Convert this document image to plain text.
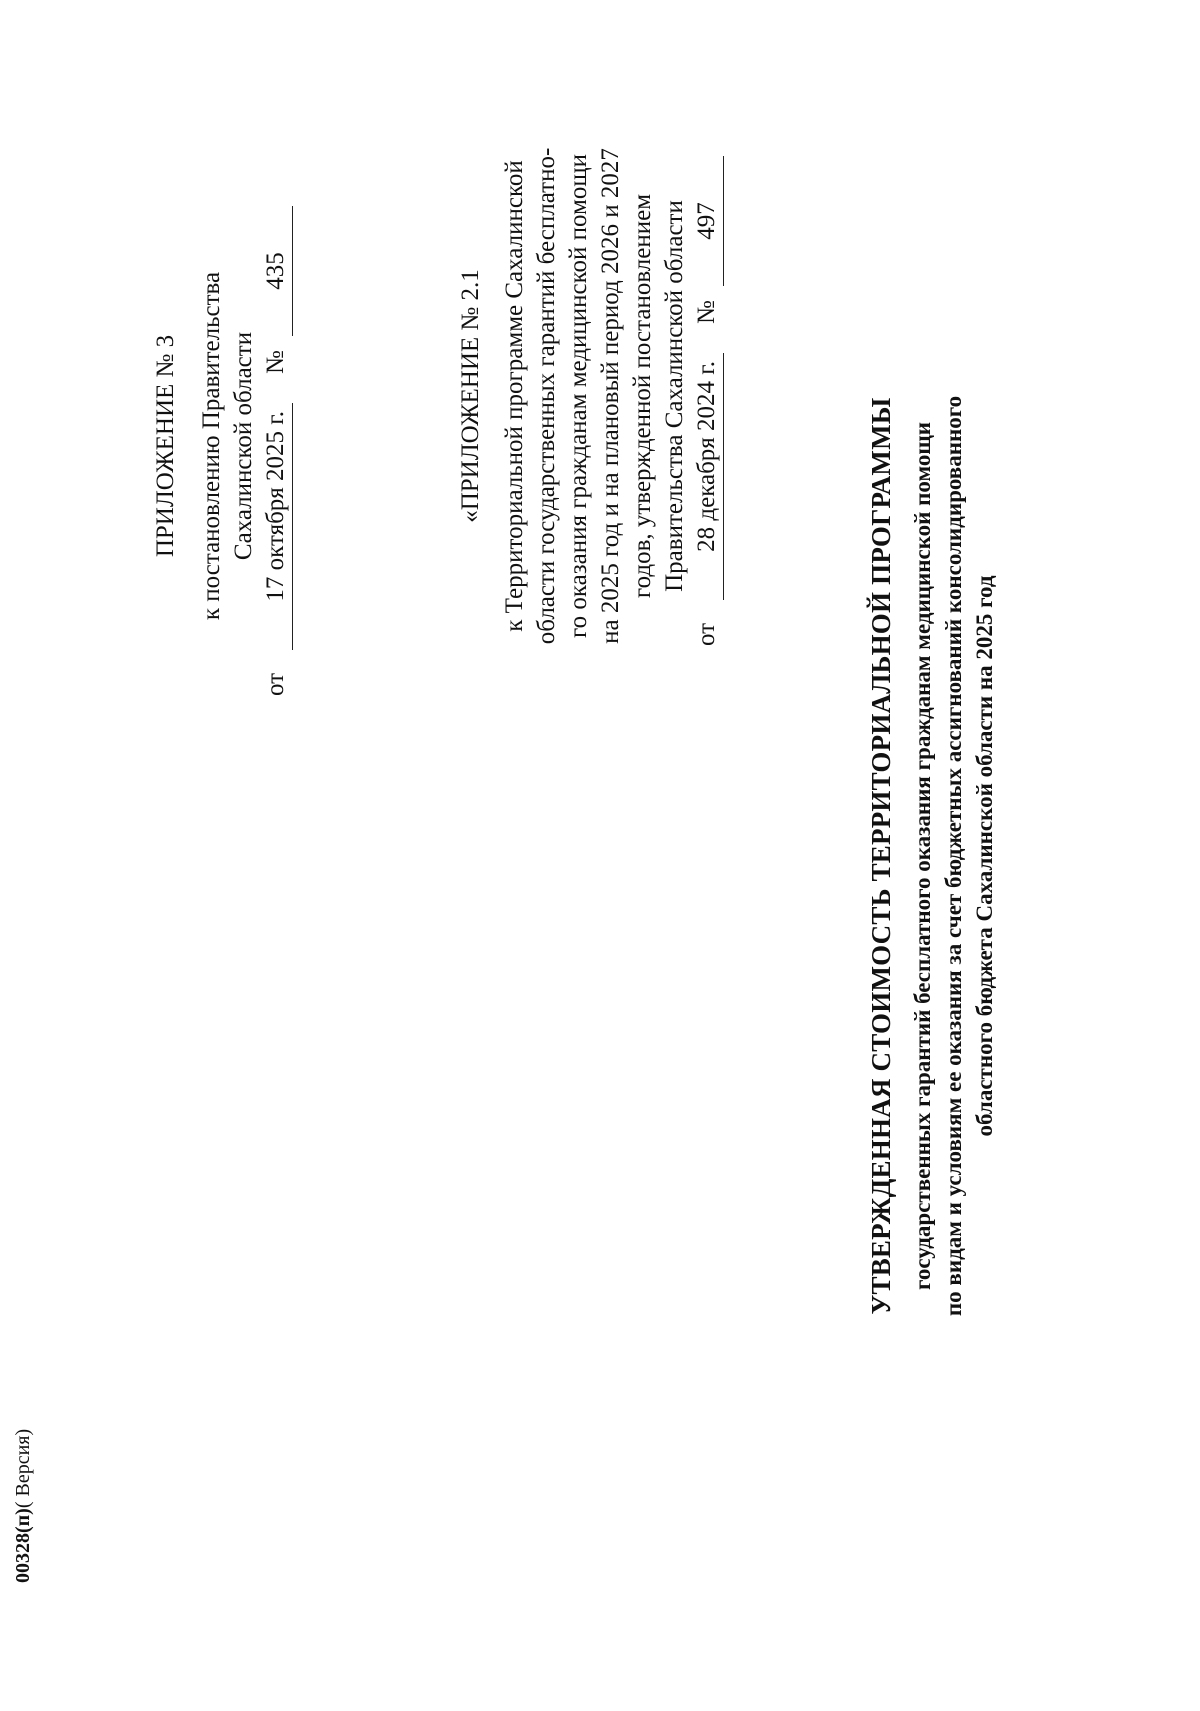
ПРИЛОЖЕНИЕ № 3 к постановлению Правительства Сахалинской области
от
17 октября 2025 г.
№
435	«ПРИЛОЖЕНИЕ № 2.1 к Территориальной программе Сахалинской области государственных гарантий бесплатно- го оказания гражданам медицинской помощи на 2025 год и на плановый период 2026 и 2027 годов, утвержденной постановлением Правительства Сахалинской области
от
28 декабря 2024 г.
№
497
УТВЕРЖДЕННАЯ СТОИМОСТЬ ТЕРРИТОРИАЛЬНОЙ ПРОГРАММЫ государственных гарантий бесплатного оказания гражданам медицинской помощи по видам и условиям ее оказания за счет бюджетных ассигнований консолидированного областного бюджета Сахалинской области на 2025 год
00328(п)( Версия)
